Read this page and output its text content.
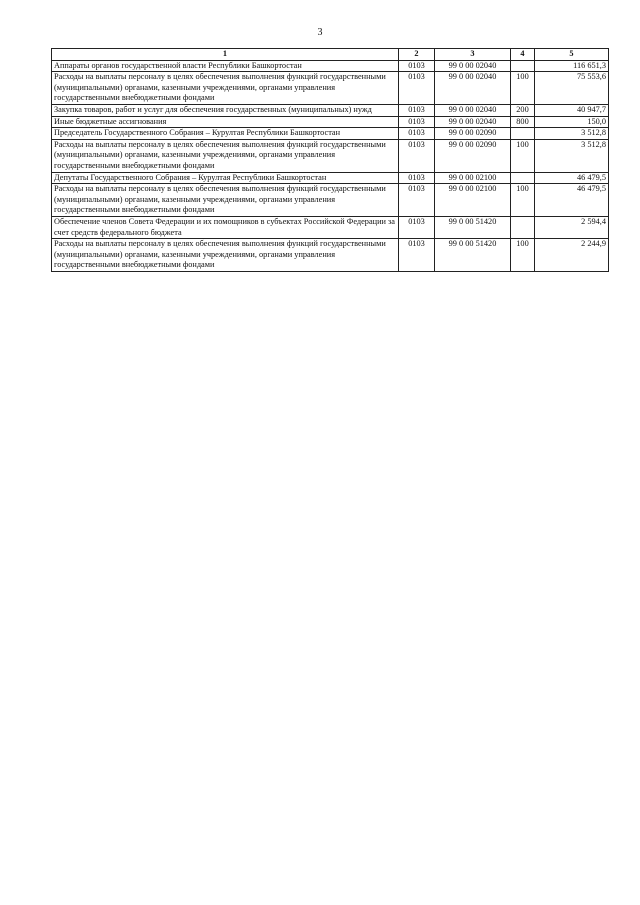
3
1	2	3	4	5
Аппараты органов государственной власти Республики Башкортостан	0103	99 0 00 02040		116 651,3
Расходы на выплаты персоналу в целях обеспечения выполнения функций государственными (муниципальными) органами, казенными учреждениями, органами управления государственными внебюджетными фондами	0103	99 0 00 02040	100	75 553,6
Закупка товаров, работ и услуг для обеспечения государственных (муниципальных) нужд	0103	99 0 00 02040	200	40 947,7
Иные бюджетные ассигнования	0103	99 0 00 02040	800	150,0
Председатель Государственного Собрания – Курултая Республики Башкортостан	0103	99 0 00 02090		3 512,8
Расходы на выплаты персоналу в целях обеспечения выполнения функций государственными (муниципальными) органами, казенными учреждениями, органами управления государственными внебюджетными фондами	0103	99 0 00 02090	100	3 512,8
Депутаты Государственного Собрания – Курултая Республики Башкортостан	0103	99 0 00 02100		46 479,5
Расходы на выплаты персоналу в целях обеспечения выполнения функций государственными (муниципальными) органами, казенными учреждениями, органами управления государственными внебюджетными фондами	0103	99 0 00 02100	100	46 479,5
Обеспечение членов Совета Федерации и их помощников в субъектах Российской Федерации за счет средств федерального бюджета	0103	99 0 00 51420		2 594,4
Расходы на выплаты персоналу в целях обеспечения выполнения функций государственными (муниципальными) органами, казенными учреждениями, органами управления государственными внебюджетными фондами	0103	99 0 00 51420	100	2 244,9
